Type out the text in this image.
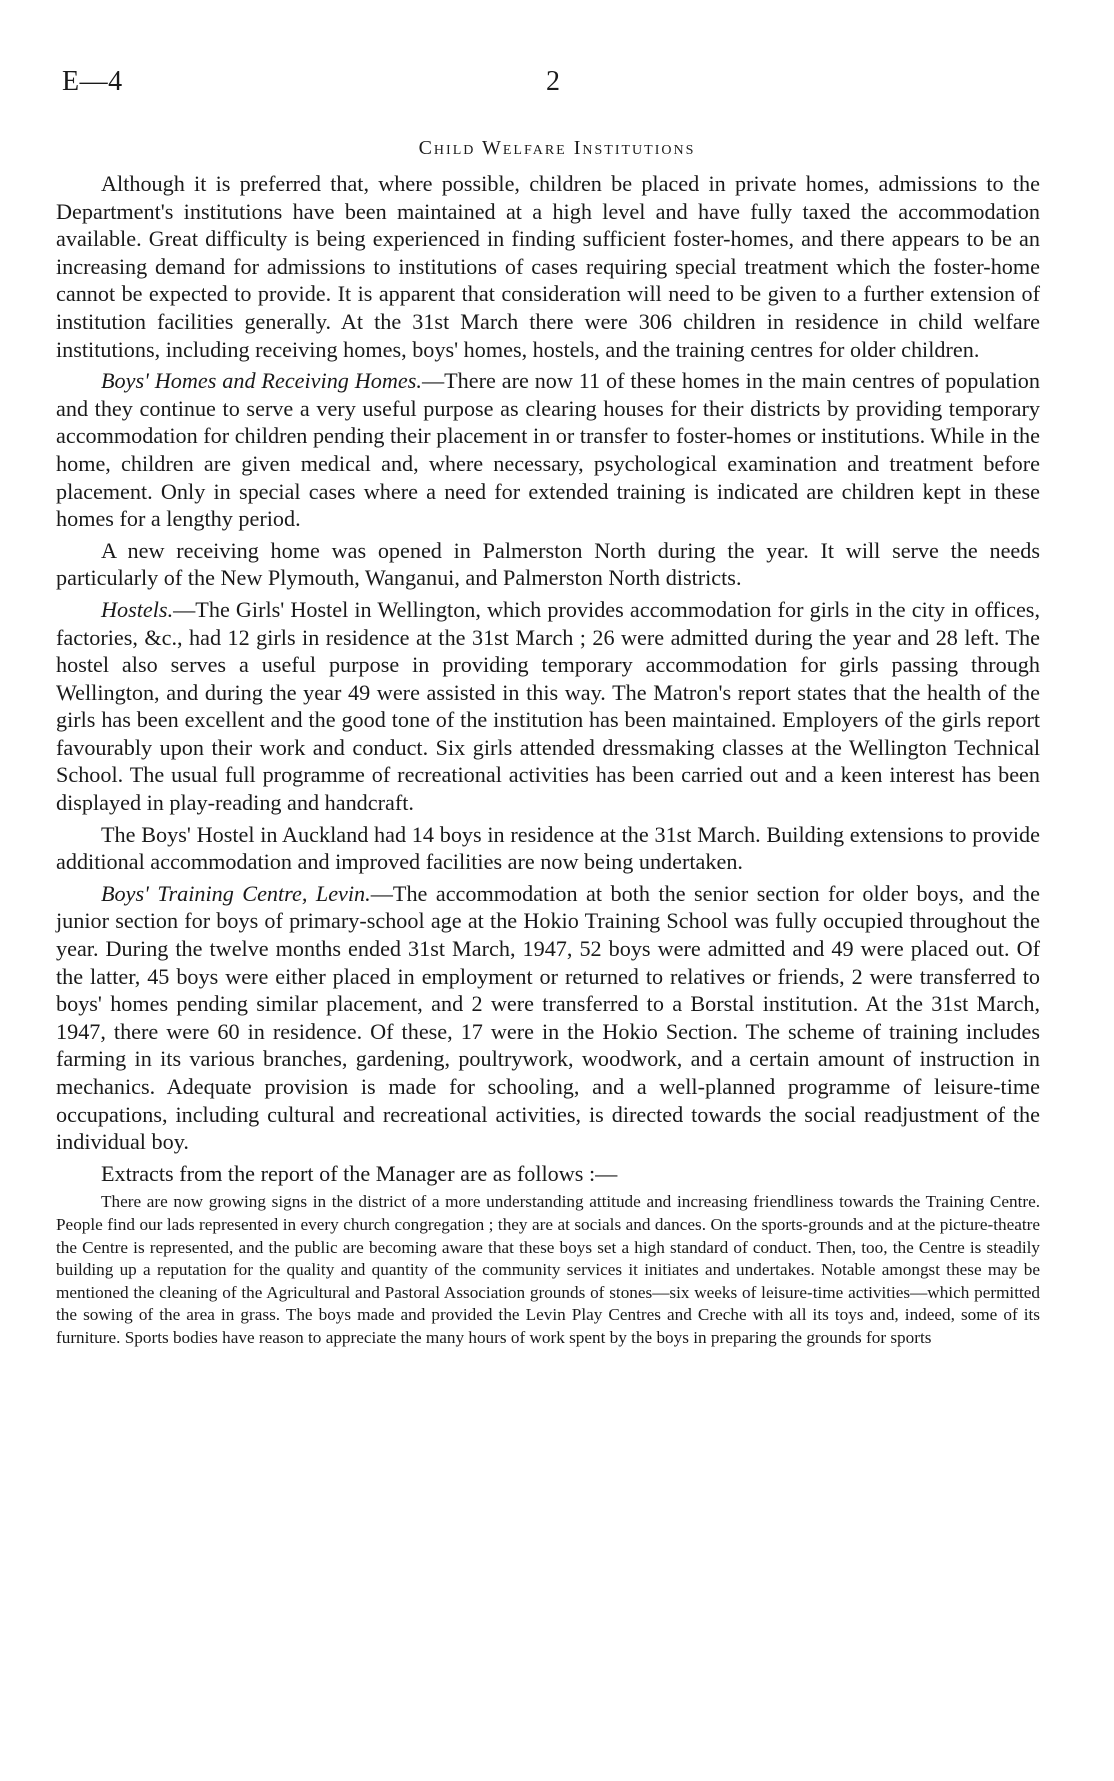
E—4	2
Child Welfare Institutions

Although it is preferred that, where possible, children be placed in private homes, admissions to the Department's institutions have been maintained at a high level and have fully taxed the accommodation available. Great difficulty is being experienced in finding sufficient foster-homes, and there appears to be an increasing demand for admissions to institutions of cases requiring special treatment which the foster-home cannot be expected to provide. It is apparent that consideration will need to be given to a further extension of institution facilities generally. At the 31st March there were 306 children in residence in child welfare institutions, including receiving homes, boys' homes, hostels, and the training centres for older children.

Boys' Homes and Receiving Homes.—There are now 11 of these homes in the main centres of population and they continue to serve a very useful purpose as clearing houses for their districts by providing temporary accommodation for children pending their placement in or transfer to foster-homes or institutions. While in the home, children are given medical and, where necessary, psychological examination and treatment before placement. Only in special cases where a need for extended training is indicated are children kept in these homes for a lengthy period.

A new receiving home was opened in Palmerston North during the year. It will serve the needs particularly of the New Plymouth, Wanganui, and Palmerston North districts.

Hostels.—The Girls' Hostel in Wellington, which provides accommodation for girls in the city in offices, factories, &c., had 12 girls in residence at the 31st March ; 26 were admitted during the year and 28 left. The hostel also serves a useful purpose in providing temporary accommodation for girls passing through Wellington, and during the year 49 were assisted in this way. The Matron's report states that the health of the girls has been excellent and the good tone of the institution has been maintained. Employers of the girls report favourably upon their work and conduct. Six girls attended dressmaking classes at the Wellington Technical School. The usual full programme of recreational activities has been carried out and a keen interest has been displayed in play-reading and handcraft.

The Boys' Hostel in Auckland had 14 boys in residence at the 31st March. Building extensions to provide additional accommodation and improved facilities are now being undertaken.

Boys' Training Centre, Levin.—The accommodation at both the senior section for older boys, and the junior section for boys of primary-school age at the Hokio Training School was fully occupied throughout the year. During the twelve months ended 31st March, 1947, 52 boys were admitted and 49 were placed out. Of the latter, 45 boys were either placed in employment or returned to relatives or friends, 2 were transferred to boys' homes pending similar placement, and 2 were transferred to a Borstal institution. At the 31st March, 1947, there were 60 in residence. Of these, 17 were in the Hokio Section. The scheme of training includes farming in its various branches, gardening, poultrywork, woodwork, and a certain amount of instruction in mechanics. Adequate provision is made for schooling, and a well-planned programme of leisure-time occupations, including cultural and recreational activities, is directed towards the social readjustment of the individual boy.

Extracts from the report of the Manager are as follows :—

There are now growing signs in the district of a more understanding attitude and increasing friendliness towards the Training Centre. People find our lads represented in every church congregation ; they are at socials and dances. On the sports-grounds and at the picture-theatre the Centre is represented, and the public are becoming aware that these boys set a high standard of conduct. Then, too, the Centre is steadily building up a reputation for the quality and quantity of the community services it initiates and undertakes. Notable amongst these may be mentioned the cleaning of the Agricultural and Pastoral Association grounds of stones—six weeks of leisure-time activities—which permitted the sowing of the area in grass. The boys made and provided the Levin Play Centres and Creche with all its toys and, indeed, some of its furniture. Sports bodies have reason to appreciate the many hours of work spent by the boys in preparing the grounds for sports
